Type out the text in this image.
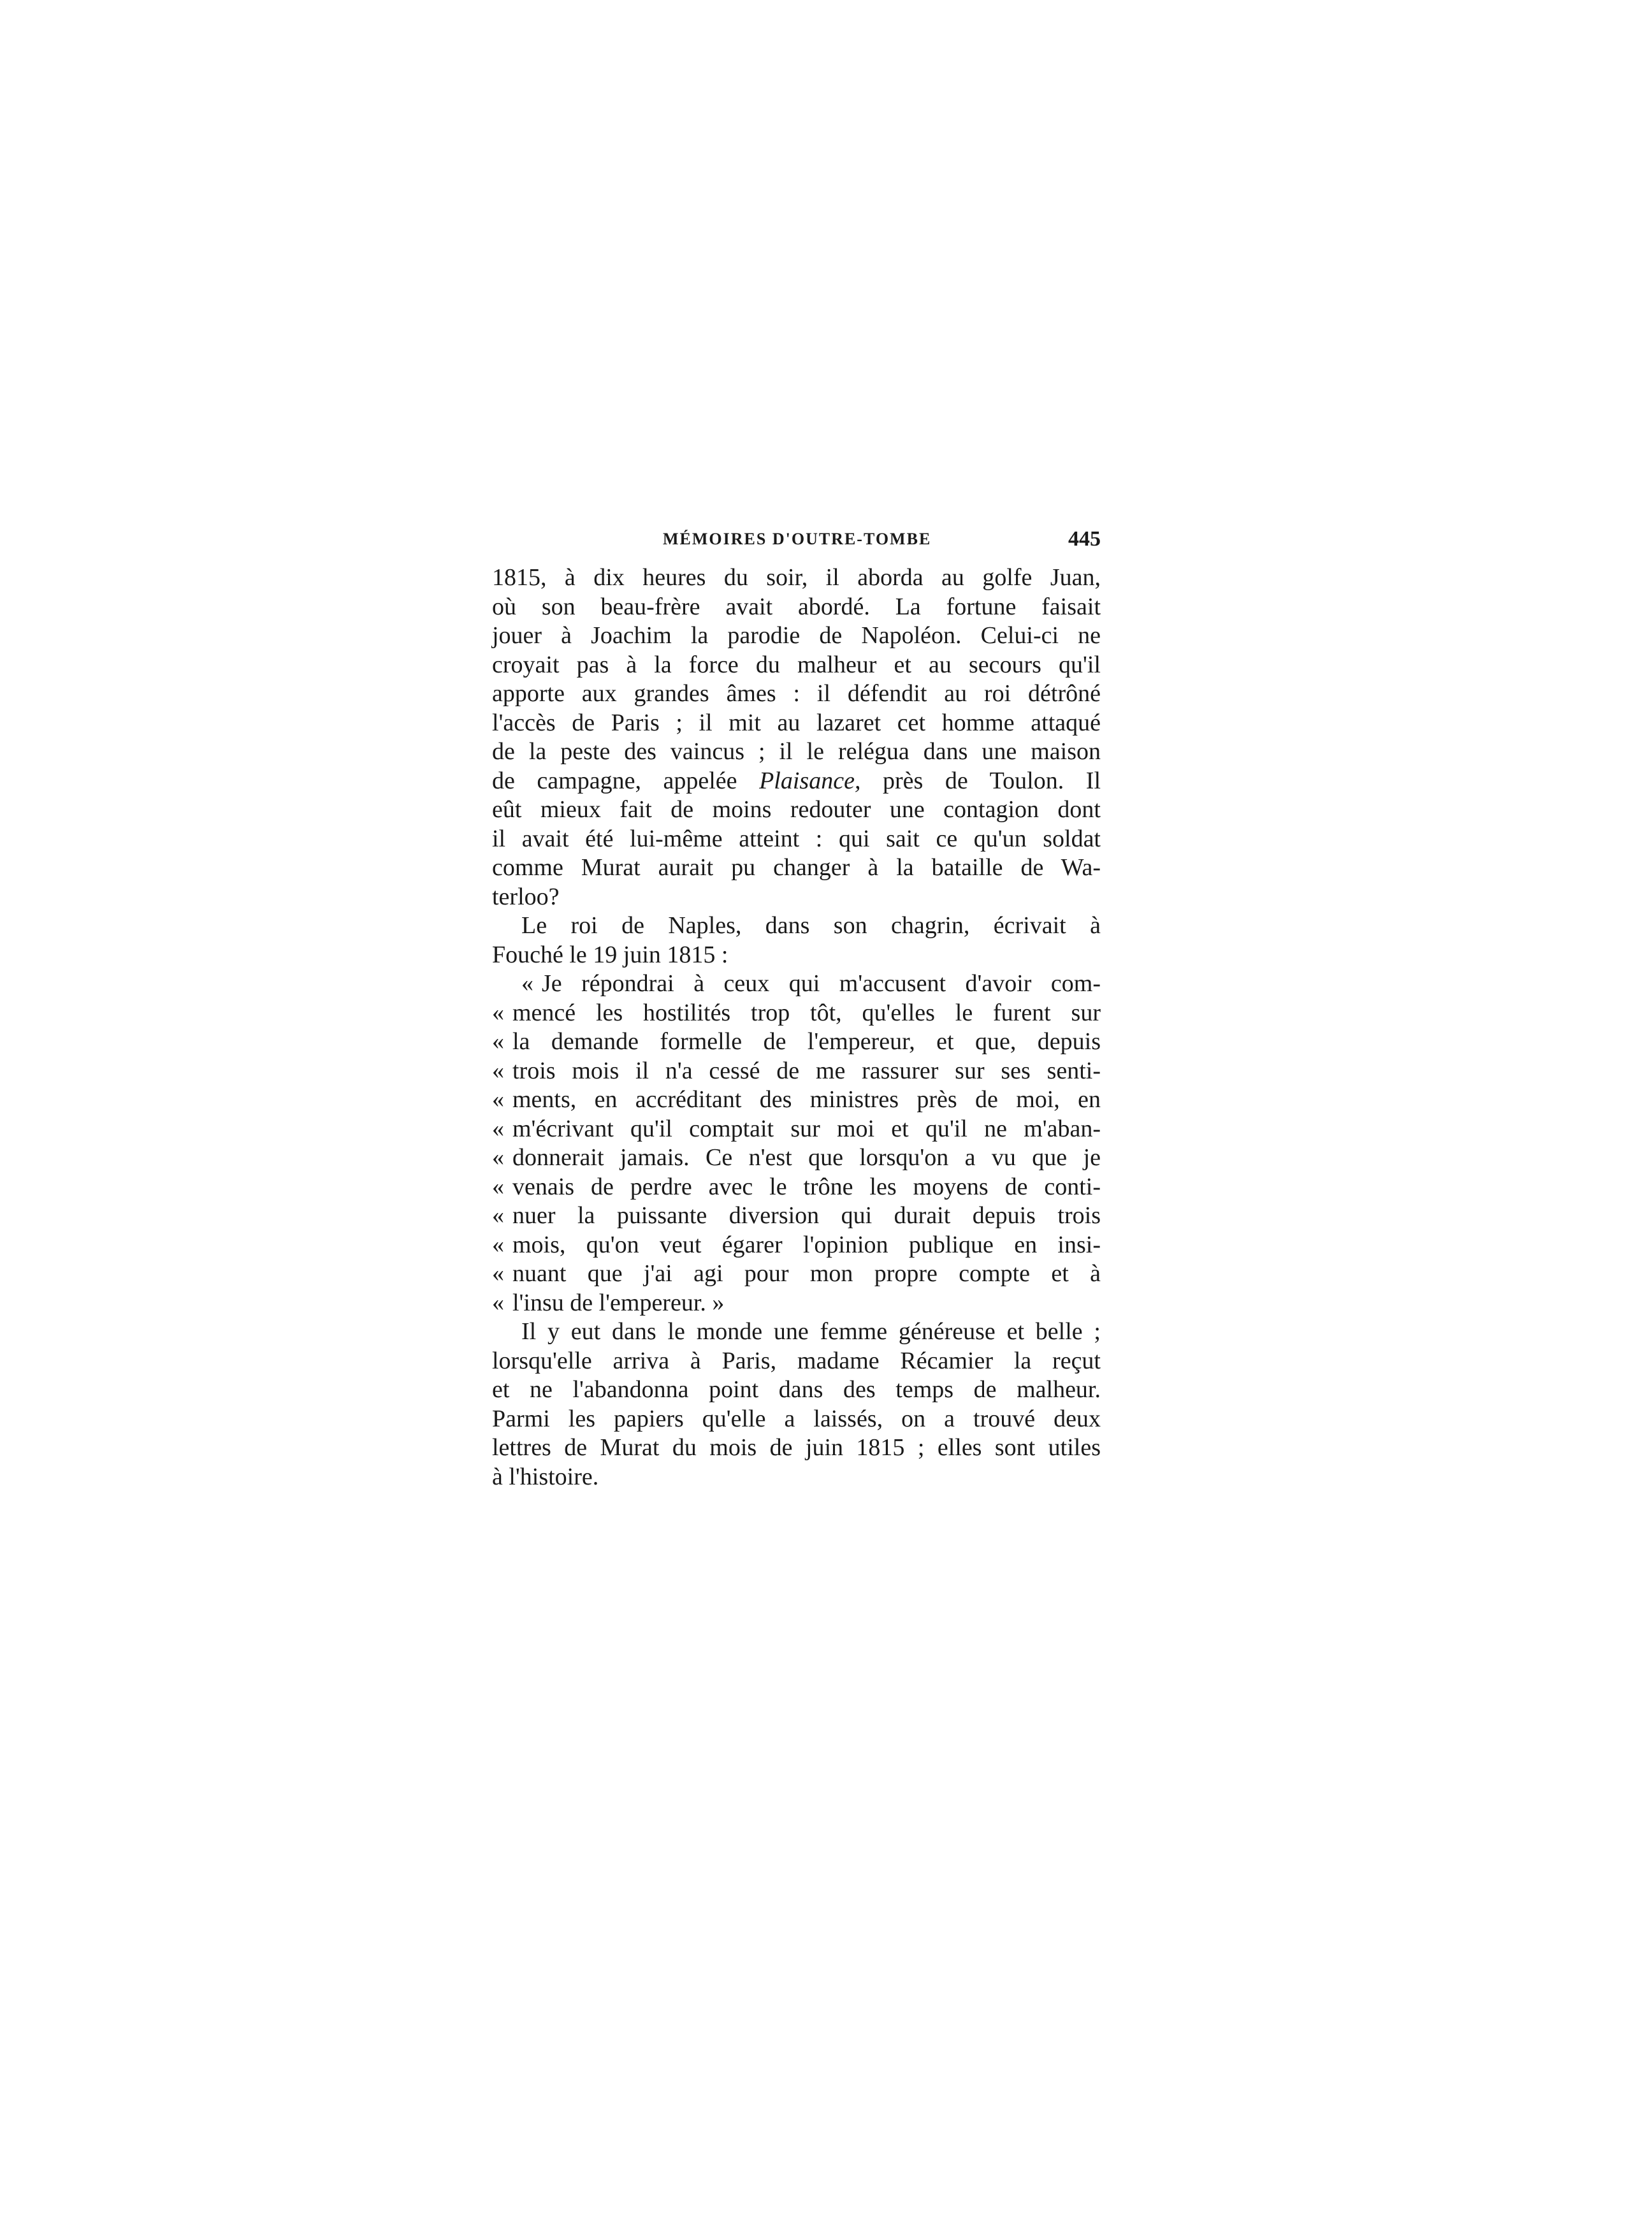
MÉMOIRES D'OUTRE-TOMBE	445
1815, à dix heures du soir, il aborda au golfe Juan,
où son beau-frère avait abordé. La fortune faisait
jouer à Joachim la parodie de Napoléon. Celui-ci ne
croyait pas à la force du malheur et au secours qu'il
apporte aux grandes âmes : il défendit au roi détrôné
l'accès de Paris ; il mit au lazaret cet homme attaqué
de la peste des vaincus ; il le relégua dans une maison
de campagne, appelée Plaisance, près de Toulon. Il
eût mieux fait de moins redouter une contagion dont
il avait été lui-même atteint : qui sait ce qu'un soldat
comme Murat aurait pu changer à la bataille de Wa-
terloo?
Le roi de Naples, dans son chagrin, écrivait à
Fouché le 19 juin 1815 :
« Je répondrai à ceux qui m'accusent d'avoir com-
« mencé les hostilités trop tôt, qu'elles le furent sur
« la demande formelle de l'empereur, et que, depuis
« trois mois il n'a cessé de me rassurer sur ses senti-
« ments, en accréditant des ministres près de moi, en
« m'écrivant qu'il comptait sur moi et qu'il ne m'aban-
« donnerait jamais. Ce n'est que lorsqu'on a vu que je
« venais de perdre avec le trône les moyens de conti-
« nuer la puissante diversion qui durait depuis trois
« mois, qu'on veut égarer l'opinion publique en insi-
« nuant que j'ai agi pour mon propre compte et à
« l'insu de l'empereur. »
Il y eut dans le monde une femme généreuse et belle ;
lorsqu'elle arriva à Paris, madame Récamier la reçut
et ne l'abandonna point dans des temps de malheur.
Parmi les papiers qu'elle a laissés, on a trouvé deux
lettres de Murat du mois de juin 1815 ; elles sont utiles
à l'histoire.
